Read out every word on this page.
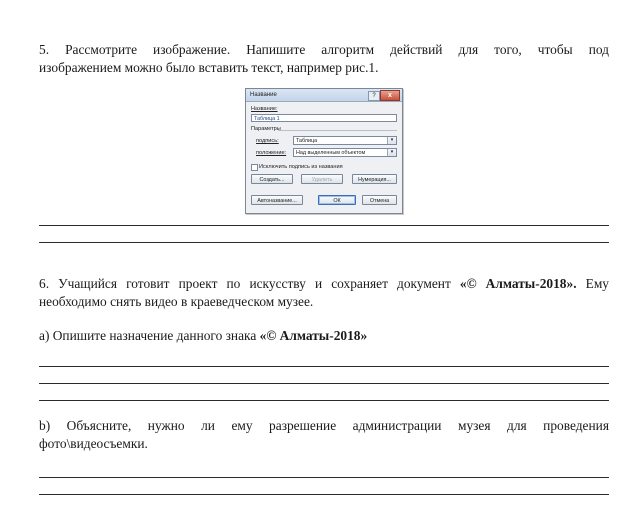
5. Рассмотрите изображение. Напишите алгоритм действий для того, чтобы под

изображением можно было вставить текст, например рис.1.

Название	?	x
Название:
Таблица 1
Параметры
подпись:	Таблица	▾
положение:	Над выделенным объектом	▾
Исключить подпись из названия
Создать...	Удалить	Нумерация...
Автоназвание...	ОК	Отмена

6. Учащийся готовит проект по искусству и сохраняет документ «© Алматы-2018». Ему

необходимо снять видео в краеведческом музее.

а) Опишите назначение данного знака «© Алматы-2018»

b) Объясните, нужно ли ему разрешение администрации музея для проведения

фото\видеосъемки.
